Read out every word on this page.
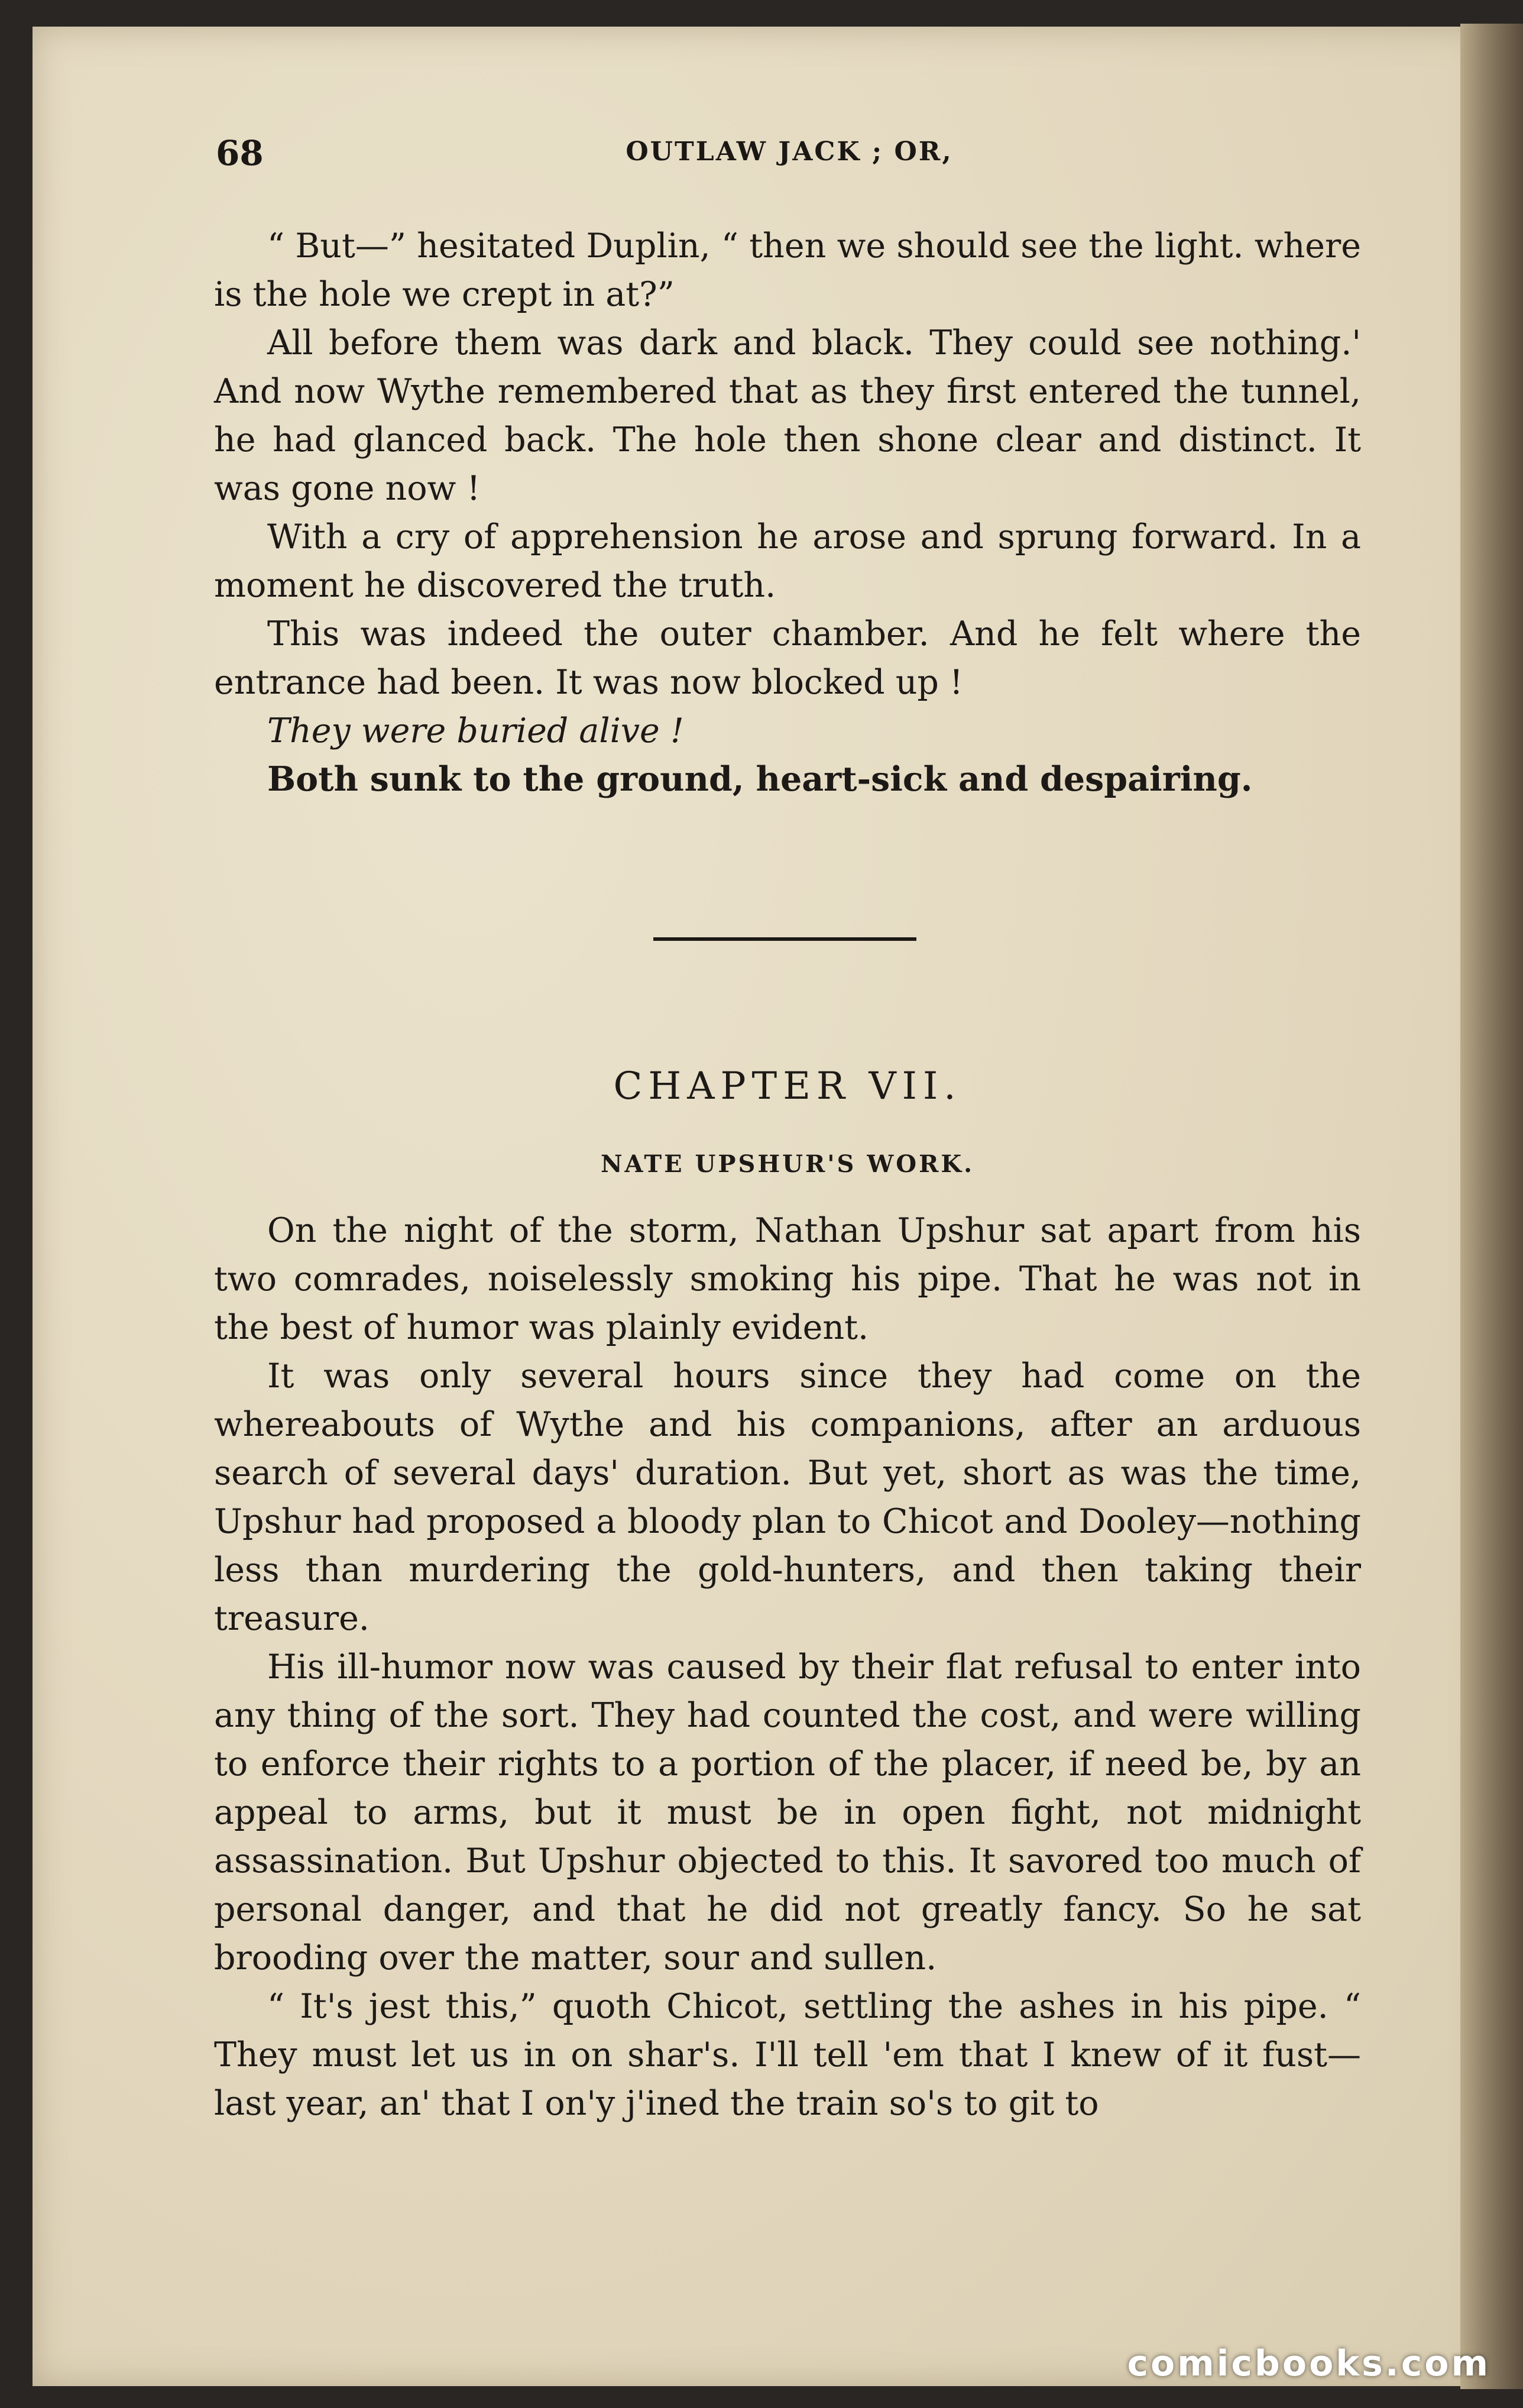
68	OUTLAW JACK ; OR,

“ But—” hesitated Duplin, “ then we should see the light. where is the hole we crept in at?”

All before them was dark and black. They could see nothing.' And now Wythe remembered that as they first entered the tunnel, he had glanced back. The hole then shone clear and distinct. It was gone now !

With a cry of apprehension he arose and sprung forward. In a moment he discovered the truth.

This was indeed the outer chamber. And he felt where the entrance had been. It was now blocked up !

They were buried alive !

Both sunk to the ground, heart-sick and despairing.

CHAPTER VII.
NATE UPSHUR'S WORK.

On the night of the storm, Nathan Upshur sat apart from his two comrades, noiselessly smoking his pipe. That he was not in the best of humor was plainly evident.

It was only several hours since they had come on the whereabouts of Wythe and his companions, after an arduous search of several days' duration. But yet, short as was the time, Upshur had proposed a bloody plan to Chicot and Dooley—nothing less than murdering the gold-hunters, and then taking their treasure.

His ill-humor now was caused by their flat refusal to enter into any thing of the sort. They had counted the cost, and were willing to enforce their rights to a portion of the placer, if need be, by an appeal to arms, but it must be in open fight, not midnight assassination. But Upshur objected to this. It savored too much of personal danger, and that he did not greatly fancy. So he sat brooding over the matter, sour and sullen.

“ It's jest this,” quoth Chicot, settling the ashes in his pipe. “ They must let us in on shar's. I'll tell 'em that I knew of it fust—last year, an' that I on'y j'ined the train so's to git to

comicbooks.com
